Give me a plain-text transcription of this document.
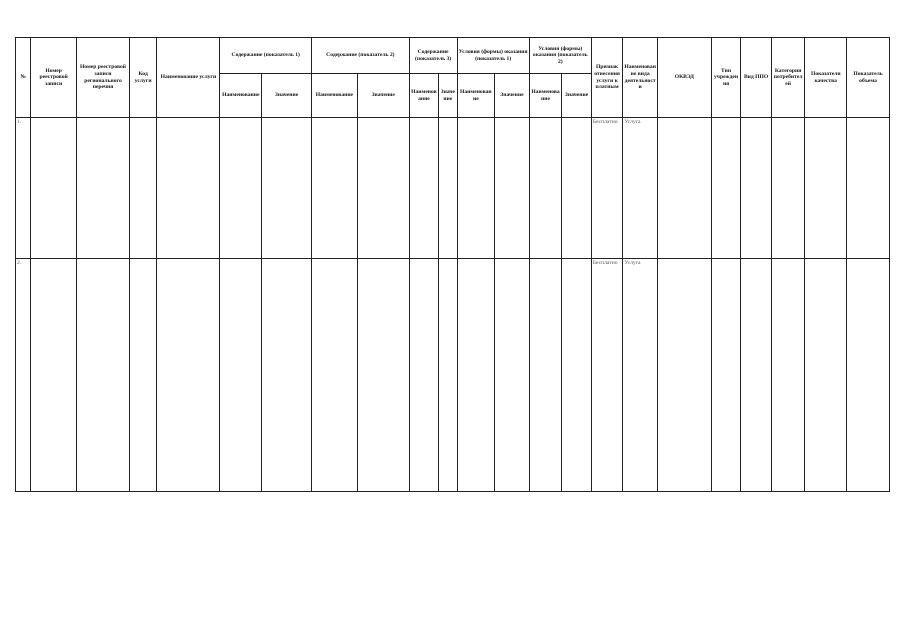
№	Номер реестровой записи	Номер реестровой записи регионального перечня	Код услуги	Наименование услуги	Содержание (показатель 1)		Содержание (показатель 2)		Содержание (показатель 3)		Условия (формы) оказания (показатель 1)		Условия (формы) оказания (показатель 2)		Признак отнесения услуги к платным	Наименование вида деятельности	ОКВЭД	Тип учреждения	Вид ППО	Категории потребителей	Показатели качества	Показатель объема
					Наименование	Значение	Наименование	Значение	Наименование	Значение	Наименование	Значение	Наименование	Значение								
1.															Бесплатно	Услуга						
2.															Бесплатно	Услуга						
